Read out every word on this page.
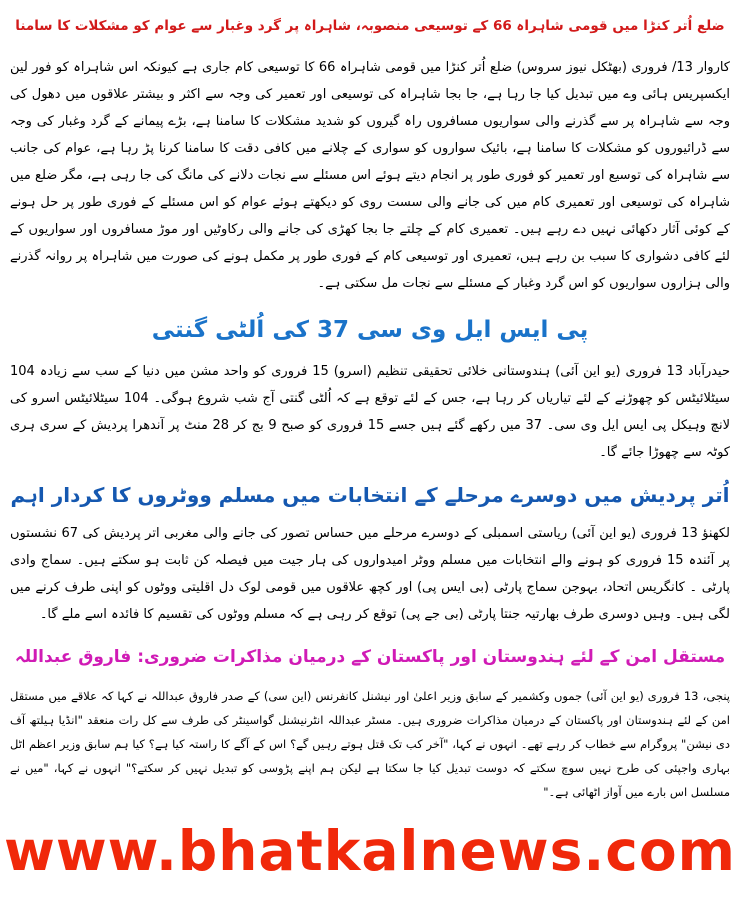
ضلع اُتر کنڑا میں قومی شاہراہ 66 کے توسیعی منصوبہ، شاہراہ پر گرد وغبار سے عوام کو مشکلات کا سامنا
کاروار 13/ فروری (بھٹکل نیوز سروس) ضلع اُتر کنڑا میں قومی شاہراہ 66 کا توسیعی کام جاری ہے کیونکہ اس شاہراہ کو فور لین ایکسپریس ہائی وے میں تبدیل کیا جا رہا ہے، جا بجا شاہراہ کی توسیعی اور تعمیر کی وجہ سے اکثر و بیشتر علاقوں میں دھول کی وجہ سے شاہراہ پر سے گذرنے والی سواریوں مسافروں راہ گیروں کو شدید مشکلات کا سامنا ہے، بڑے پیمانے کے گرد وغبار کی وجہ سے ڈرائیوروں کو مشکلات کا سامنا ہے، بائیک سواروں کو سواری کے چلانے میں کافی دقت کا سامنا کرنا پڑ رہا ہے، عوام کی جانب سے شاہراہ کی توسیع اور تعمیر کو فوری طور پر انجام دیتے ہوئے اس مسئلے سے نجات دلانے کی مانگ کی جا رہی ہے، مگر ضلع میں شاہراہ کی توسیعی اور تعمیری کام میں کی جانے والی سست روی کو دیکھتے ہوئے عوام کو اس مسئلے کے فوری طور پر حل ہونے کے کوئی آثار دکھائی نہیں دے رہے ہیں۔ تعمیری کام کے چلتے جا بجا کھڑی کی جانے والی رکاوٹیں اور موڑ مسافروں اور سواریوں کے لئے کافی دشواری کا سبب بن رہے ہیں، تعمیری اور توسیعی کام کے فوری طور پر مکمل ہونے کی صورت میں شاہراہ پر روانہ گذرنے والی ہزاروں سواریوں کو اس گرد وغبار کے مسئلے سے نجات مل سکتی ہے۔
پی ایس ایل وی سی 37 کی اُلٹی گنتی
حیدرآباد 13 فروری (یو این آئی) ہندوستانی خلائی تحقیقی تنظیم (اسرو) 15 فروری کو واحد مشن میں دنیا کے سب سے زیادہ 104 سیٹلائیٹس کو چھوڑنے کے لئے تیاریاں کر رہا ہے، جس کے لئے توقع ہے کہ اُلٹی گنتی آج شب شروع ہوگی۔ 104 سیٹلائیٹس اسرو کی لانچ وہیکل پی ایس ایل وی سی۔ 37 میں رکھے گئے ہیں جسے 15 فروری کو صبح 9 بج کر 28 منٹ پر آندھرا پردیش کے سری ہری کوٹہ سے چھوڑا جائے گا۔
اُتر پردیش میں دوسرے مرحلے کے انتخابات میں مسلم ووٹروں کا کردار اہم
لکھنؤ 13 فروری (یو این آئی) ریاستی اسمبلی کے دوسرے مرحلے میں حساس تصور کی جانے والی مغربی اتر پردیش کی 67 نشستوں پر آئندہ 15 فروری کو ہونے والے انتخابات میں مسلم ووٹر امیدواروں کی ہار جیت میں فیصلہ کن ثابت ہو سکتے ہیں۔ سماج وادی پارٹی ۔ کانگریس اتحاد، بہوجن سماج پارٹی (بی ایس پی) اور کچھ علاقوں میں قومی لوک دل اقلیتی ووٹوں کو اپنی طرف کرنے میں لگی ہیں۔ وہیں دوسری طرف بھارتیہ جنتا پارٹی (بی جے پی) توقع کر رہی ہے کہ مسلم ووٹوں کی تقسیم کا فائدہ اسے ملے گا۔
مستقل امن کے لئے ہندوستان اور پاکستان کے درمیان مذاکرات ضروری: فاروق عبداللہ
پنجی، 13 فروری (یو این آئی) جموں وکشمیر کے سابق وزیر اعلیٰ اور نیشنل کانفرنس (این سی) کے صدر فاروق عبداللہ نے کہا کہ علاقے میں مستقل امن کے لئے ہندوستان اور پاکستان کے درمیان مذاکرات ضروری ہیں۔ مسٹر عبداللہ انٹرنیشنل گواسینٹر کی طرف سے کل رات منعقد "انڈیا ہیلتھ آف دی نیشن" پروگرام سے خطاب کر رہے تھے۔ انہوں نے کہا، "آخر کب تک قتل ہوتے رہیں گے؟ اس کے آگے کا راستہ کیا ہے؟ کیا ہم سابق وزیر اعظم اٹل بہاری واجپئی کی طرح نہیں سوچ سکتے کہ دوست تبدیل کیا جا سکتا ہے لیکن ہم اپنے پڑوسی کو تبدیل نہیں کر سکتے؟" انہوں نے کہا، "میں نے مسلسل اس بارے میں آواز اٹھائی ہے۔"
www.bhatkalnews.com
